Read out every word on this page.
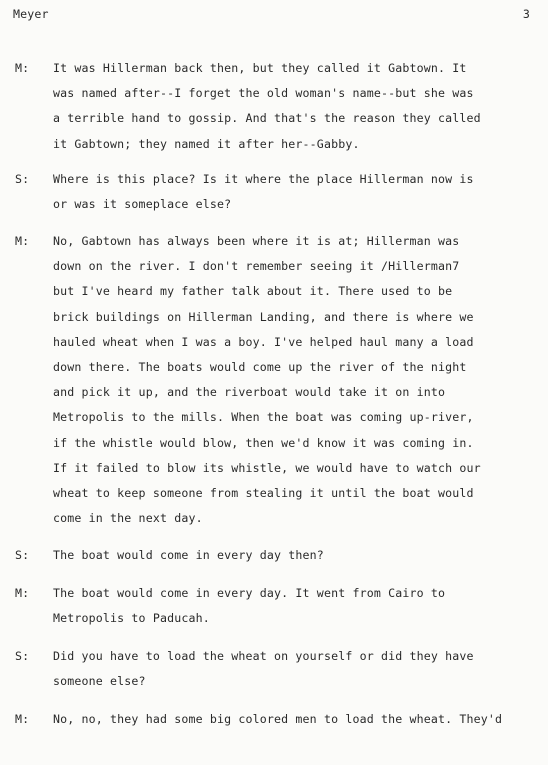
Meyer	3
M: It was Hillerman back then, but they called it Gabtown. It
was named after--I forget the old woman's name--but she was
a terrible hand to gossip. And that's the reason they called
it Gabtown; they named it after her--Gabby.
S: Where is this place? Is it where the place Hillerman now is
or was it someplace else?
M: No, Gabtown has always been where it is at; Hillerman was
down on the river. I don't remember seeing it /Hillerman7
but I've heard my father talk about it. There used to be
brick buildings on Hillerman Landing, and there is where we
hauled wheat when I was a boy. I've helped haul many a load
down there. The boats would come up the river of the night
and pick it up, and the riverboat would take it on into
Metropolis to the mills. When the boat was coming up-river,
if the whistle would blow, then we'd know it was coming in.
If it failed to blow its whistle, we would have to watch our
wheat to keep someone from stealing it until the boat would
come in the next day.
S: The boat would come in every day then?
M: The boat would come in every day. It went from Cairo to
Metropolis to Paducah.
S: Did you have to load the wheat on yourself or did they have
someone else?
M: No, no, they had some big colored men to load the wheat. They'd
